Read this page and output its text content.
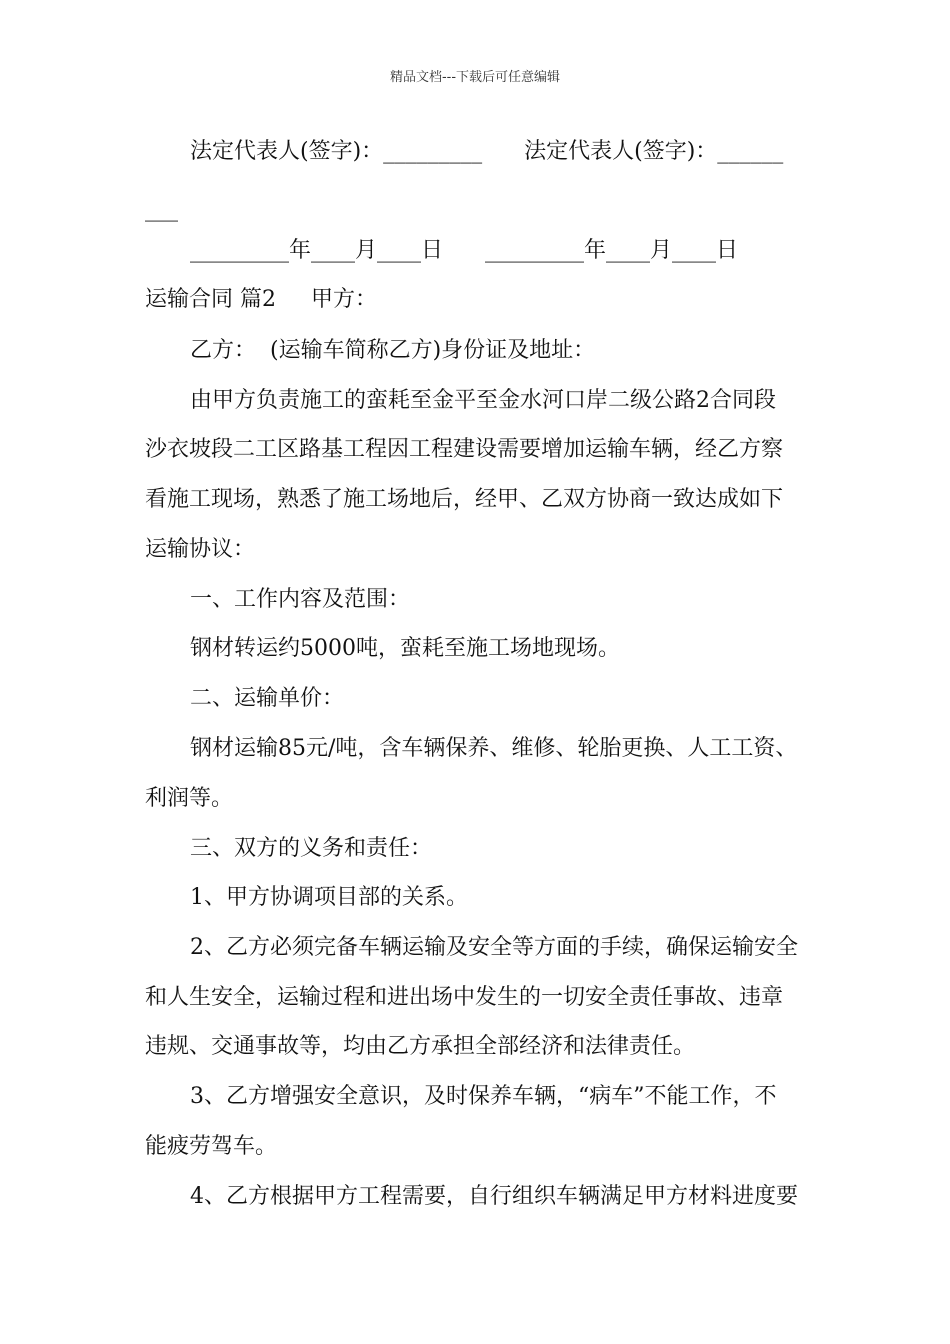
精品文档---下载后可任意编辑
法定代表人(签字)：_________      法定代表人(签字)：______
___
_________年____月____日      _________年____月____日
运输合同 篇2     甲方：
乙方：  (运输车简称乙方)身份证及地址：
由甲方负责施工的蛮耗至金平至金水河口岸二级公路2合同段
沙衣坡段二工区路基工程因工程建设需要增加运输车辆，经乙方察
看施工现场，熟悉了施工场地后，经甲、乙双方协商一致达成如下
运输协议：
一、工作内容及范围：
钢材转运约5000吨，蛮耗至施工场地现场。
二、运输单价：
钢材运输85元/吨，含车辆保养、维修、轮胎更换、人工工资、
利润等。
三、双方的义务和责任：
1、甲方协调项目部的关系。
2、乙方必须完备车辆运输及安全等方面的手续，确保运输安全
和人生安全，运输过程和进出场中发生的一切安全责任事故、违章
违规、交通事故等，均由乙方承担全部经济和法律责任。
3、乙方增强安全意识，及时保养车辆，“病车”不能工作，不
能疲劳驾车。
4、乙方根据甲方工程需要，自行组织车辆满足甲方材料进度要
